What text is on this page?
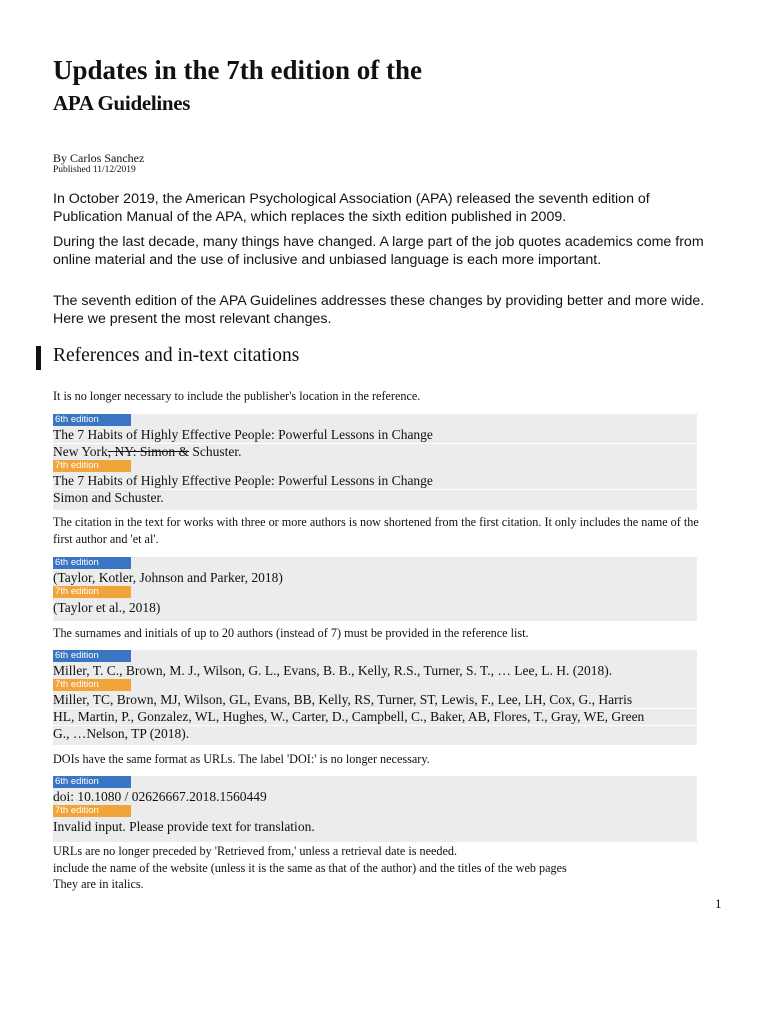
Updates in the 7th edition of the
APA Guidelines
By Carlos Sanchez
Published 11/12/2019
In October 2019, the American Psychological Association (APA) released the seventh edition of Publication Manual of the APA, which replaces the sixth edition published in 2009.
During the last decade, many things have changed. A large part of the job quotes academics come from online material and the use of inclusive and unbiased language is each more important.
The seventh edition of the APA Guidelines addresses these changes by providing better and more wide. Here we present the most relevant changes.
References and in-text citations
It is no longer necessary to include the publisher's location in the reference.
6th edition
The 7 Habits of Highly Effective People: Powerful Lessons in Change
New York, NY: Simon & Schuster.
7th edition
The 7 Habits of Highly Effective People: Powerful Lessons in Change
Simon and Schuster.
The citation in the text for works with three or more authors is now shortened from the first citation. It only includes the name of the first author and 'et al'.
6th edition
(Taylor, Kotler, Johnson and Parker, 2018)
7th edition
(Taylor et al., 2018)
The surnames and initials of up to 20 authors (instead of 7) must be provided in the reference list.
6th edition
Miller, T. C., Brown, M. J., Wilson, G. L., Evans, B. B., Kelly, R.S., Turner, S. T., … Lee, L. H. (2018).
7th edition
Miller, TC, Brown, MJ, Wilson, GL, Evans, BB, Kelly, RS, Turner, ST, Lewis, F., Lee, LH, Cox, G., Harris
HL, Martin, P., Gonzalez, WL, Hughes, W., Carter, D., Campbell, C., Baker, AB, Flores, T., Gray, WE, Green
G., …Nelson, TP (2018).
DOIs have the same format as URLs. The label 'DOI:' is no longer necessary.
6th edition
doi: 10.1080 / 02626667.2018.1560449
7th edition
Invalid input. Please provide text for translation.
URLs are no longer preceded by 'Retrieved from,' unless a retrieval date is needed.
include the name of the website (unless it is the same as that of the author) and the titles of the web pages
They are in italics.
1
